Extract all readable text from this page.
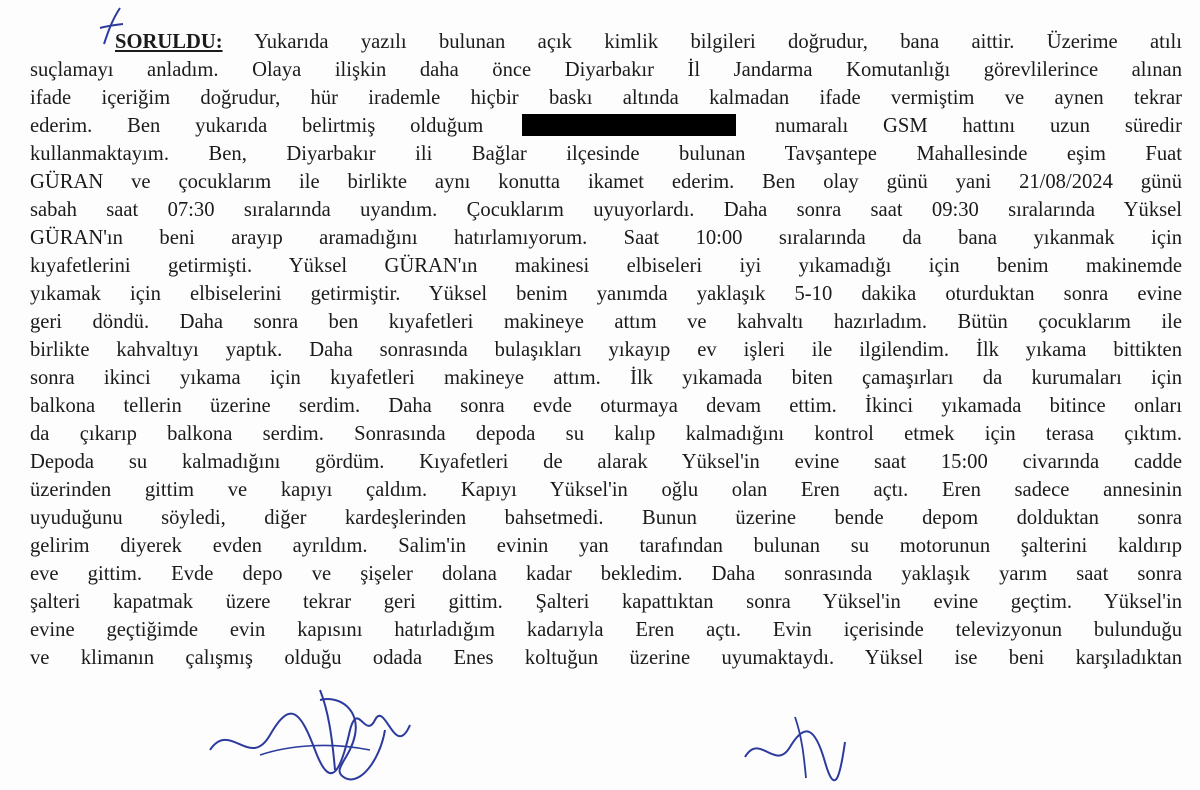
SORULDU: Yukarıda yazılı bulunan açık kimlik bilgileri doğrudur, bana aittir. Üzerime atılı
suçlamayı anladım. Olaya ilişkin daha önce Diyarbakır İl Jandarma Komutanlığı görevlilerince alınan
ifade içeriğim doğrudur, hür irademle hiçbir baskı altında kalmadan ifade vermiştim ve aynen tekrar
ederim. Ben yukarıda belirtmiş olduğum	numaralı GSM hattını uzun süredir
kullanmaktayım. Ben, Diyarbakır ili Bağlar ilçesinde bulunan Tavşantepe Mahallesinde eşim Fuat
GÜRAN ve çocuklarım ile birlikte aynı konutta ikamet ederim. Ben olay günü yani 21/08/2024 günü
sabah saat 07:30 sıralarında uyandım. Çocuklarım uyuyorlardı. Daha sonra saat 09:30 sıralarında Yüksel
GÜRAN'ın beni arayıp aramadığını hatırlamıyorum. Saat 10:00 sıralarında da bana yıkanmak için
kıyafetlerini getirmişti. Yüksel GÜRAN'ın makinesi elbiseleri iyi yıkamadığı için benim makinemde
yıkamak için elbiselerini getirmiştir. Yüksel benim yanımda yaklaşık 5-10 dakika oturduktan sonra evine
geri döndü. Daha sonra ben kıyafetleri makineye attım ve kahvaltı hazırladım. Bütün çocuklarım ile
birlikte kahvaltıyı yaptık. Daha sonrasında bulaşıkları yıkayıp ev işleri ile ilgilendim. İlk yıkama bittikten
sonra ikinci yıkama için kıyafetleri makineye attım. İlk yıkamada biten çamaşırları da kurumaları için
balkona tellerin üzerine serdim. Daha sonra evde oturmaya devam ettim. İkinci yıkamada bitince onları
da çıkarıp balkona serdim. Sonrasında depoda su kalıp kalmadığını kontrol etmek için terasa çıktım.
Depoda su kalmadığını gördüm. Kıyafetleri de alarak Yüksel'in evine saat 15:00 civarında cadde
üzerinden gittim ve kapıyı çaldım. Kapıyı Yüksel'in oğlu olan Eren açtı. Eren sadece annesinin
uyuduğunu söyledi, diğer kardeşlerinden bahsetmedi. Bunun üzerine bende depom dolduktan sonra
gelirim diyerek evden ayrıldım. Salim'in evinin yan tarafından bulunan su motorunun şalterini kaldırıp
eve gittim. Evde depo ve şişeler dolana kadar bekledim. Daha sonrasında yaklaşık yarım saat sonra
şalteri kapatmak üzere tekrar geri gittim. Şalteri kapattıktan sonra Yüksel'in evine geçtim. Yüksel'in
evine geçtiğimde evin kapısını hatırladığım kadarıyla Eren açtı. Evin içerisinde televizyonun bulunduğu
ve klimanın çalışmış olduğu odada Enes koltuğun üzerine uyumaktaydı. Yüksel ise beni karşıladıktan
